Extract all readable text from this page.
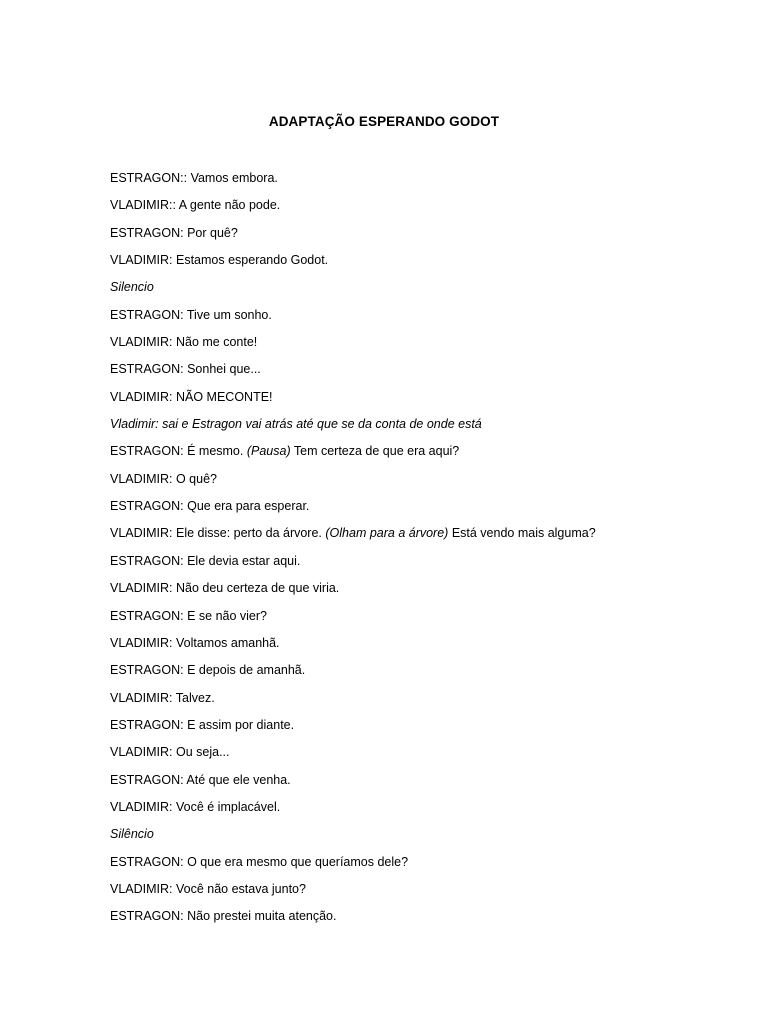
ADAPTAÇÃO ESPERANDO GODOT
ESTRAGON:: Vamos embora.
VLADIMIR:: A gente não pode.
ESTRAGON: Por quê?
VLADIMIR: Estamos esperando Godot.
Silencio
ESTRAGON: Tive um sonho.
VLADIMIR: Não me conte!
ESTRAGON: Sonhei que...
VLADIMIR: NÃO MECONTE!
Vladimir: sai e Estragon vai atrás até que se da conta de onde está
ESTRAGON: É mesmo. (Pausa) Tem certeza de que era aqui?
VLADIMIR: O quê?
ESTRAGON: Que era para esperar.
VLADIMIR: Ele disse: perto da árvore. (Olham para a árvore) Está vendo mais alguma?
ESTRAGON: Ele devia estar aqui.
VLADIMIR: Não deu certeza de que viria.
ESTRAGON: E se não vier?
VLADIMIR: Voltamos amanhã.
ESTRAGON: E depois de amanhã.
VLADIMIR: Talvez.
ESTRAGON: E assim por diante.
VLADIMIR: Ou seja...
ESTRAGON: Até que ele venha.
VLADIMIR: Você é implacável.
Silêncio
ESTRAGON: O que era mesmo que queríamos dele?
VLADIMIR: Você não estava junto?
ESTRAGON: Não prestei muita atenção.
